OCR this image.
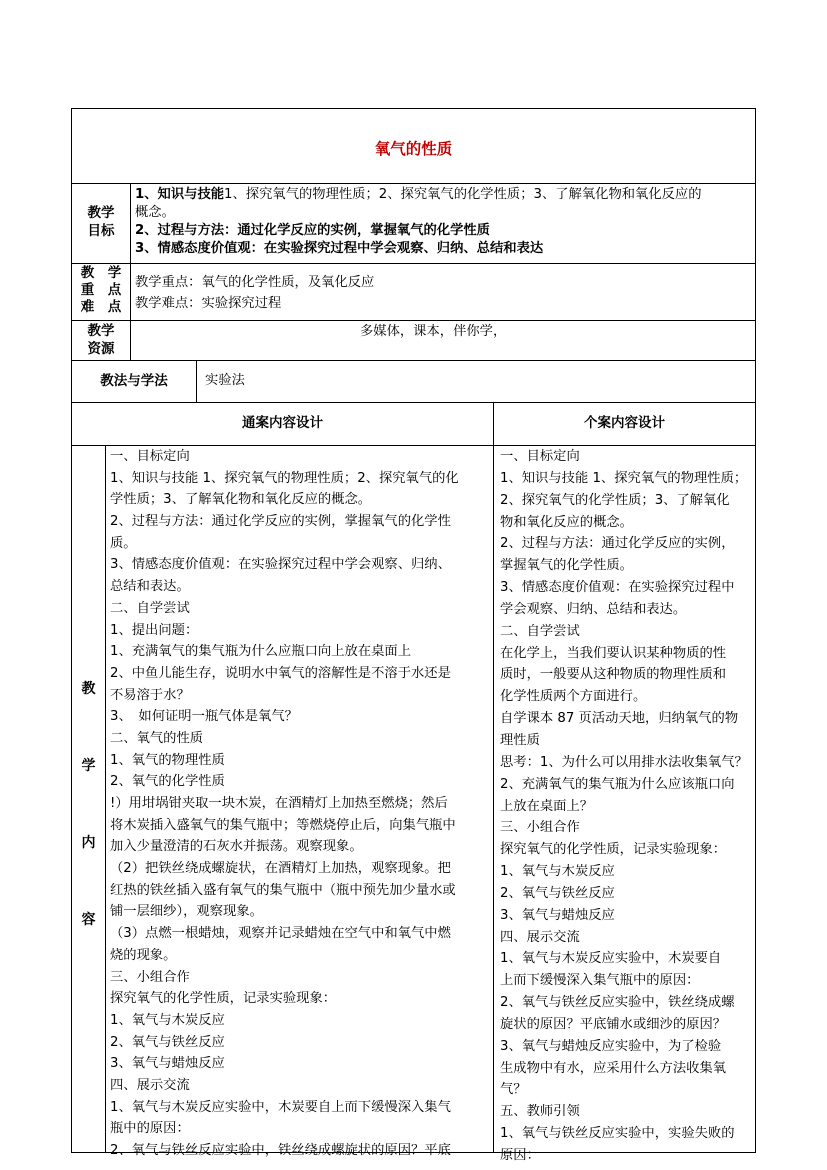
氧气的性质
教学
目标
1、知识与技能1、探究氧气的物理性质；2、探究氧气的化学性质；3、了解氧化物和氧化反应的
概念。
2、过程与方法：通过化学反应的实例，掌握氧气的化学性质
3、情感态度价值观：在实验探究过程中学会观察、归纳、总结和表达
教　学
重　点
难　点
教学重点：氧气的化学性质，及氧化反应
教学难点：实验探究过程
教学
资源
多媒体，课本，伴你学，
教法与学法	实验法
通案内容设计	个案内容设计
教
学
内
容
一、目标定向
1、知识与技能 1、探究氧气的物理性质；2、探究氧气的化
学性质；3、了解氧化物和氧化反应的概念。
2、过程与方法：通过化学反应的实例，掌握氧气的化学性
质。
3、情感态度价值观：在实验探究过程中学会观察、归纳、
总结和表达。
二、自学尝试
1、提出问题：
1、充满氧气的集气瓶为什么应瓶口向上放在桌面上
2、中鱼儿能生存，说明水中氧气的溶解性是不溶于水还是
不易溶于水？
3、　如何证明一瓶气体是氧气？
二、氧气的性质
1、氧气的物理性质
2、氧气的化学性质
!）用坩埚钳夹取一块木炭，在酒精灯上加热至燃烧；然后
将木炭插入盛氧气的集气瓶中；等燃烧停止后，向集气瓶中
加入少量澄清的石灰水并振荡。观察现象。
（2）把铁丝绕成螺旋状，在酒精灯上加热，观察现象。把
红热的铁丝插入盛有氧气的集气瓶中（瓶中预先加少量水或
铺一层细纱），观察现象。
（3）点燃一根蜡烛，观察并记录蜡烛在空气中和氧气中燃
烧的现象。
三、小组合作
探究氧气的化学性质，记录实验现象：
1、氧气与木炭反应
2、氧气与铁丝反应
3、氧气与蜡烛反应
四、展示交流
1、氧气与木炭反应实验中，木炭要自上而下缓慢深入集气
瓶中的原因：
2、氧气与铁丝反应实验中，铁丝绕成螺旋状的原因？平底
一、目标定向
1、知识与技能 1、探究氧气的物理性质；
2、探究氧气的化学性质；3、了解氧化
物和氧化反应的概念。
2、过程与方法：通过化学反应的实例，
掌握氧气的化学性质。
3、情感态度价值观：在实验探究过程中
学会观察、归纳、总结和表达。
二、自学尝试
在化学上，当我们要认识某种物质的性
质时，一般要从这种物质的物理性质和
化学性质两个方面进行。
自学课本 87 页活动天地，归纳氧气的物
理性质
思考：1、为什么可以用排水法收集氧气？
2、充满氧气的集气瓶为什么应该瓶口向
上放在桌面上？
三、小组合作
探究氧气的化学性质，记录实验现象：
1、氧气与木炭反应
2、氧气与铁丝反应
3、氧气与蜡烛反应
四、展示交流
1、氧气与木炭反应实验中，木炭要自
上而下缓慢深入集气瓶中的原因：
2、氧气与铁丝反应实验中，铁丝绕成螺
旋状的原因？平底铺水或细沙的原因？
3、氧气与蜡烛反应实验中，为了检验
生成物中有水，应采用什么方法收集氧
气？
五、教师引领
1、氧气与铁丝反应实验中，实验失败的
原因：
